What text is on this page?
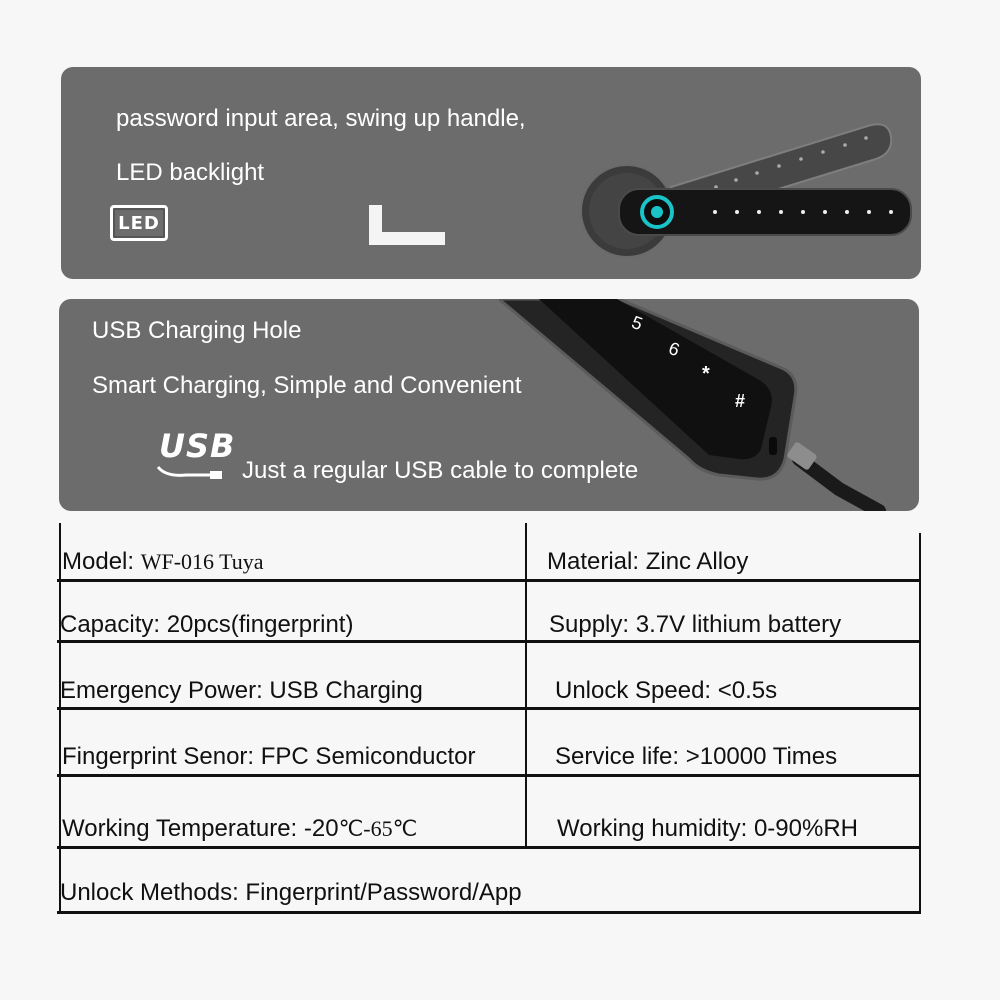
password input area, swing up handle,
LED backlight
LED
5
6
*
#
USB Charging Hole
Smart Charging, Simple and Convenient
USB
Just a regular USB cable to complete
Model: WF-016 Tuya	Material: Zinc Alloy
Capacity: 20pcs(fingerprint)	Supply: 3.7V lithium battery
Emergency Power: USB Charging	Unlock Speed: <0.5s
Fingerprint Senor: FPC Semiconductor	Service life: >10000 Times
Working Temperature: -20℃-65℃	Working humidity: 0-90%RH
Unlock Methods: Fingerprint/Password/App
